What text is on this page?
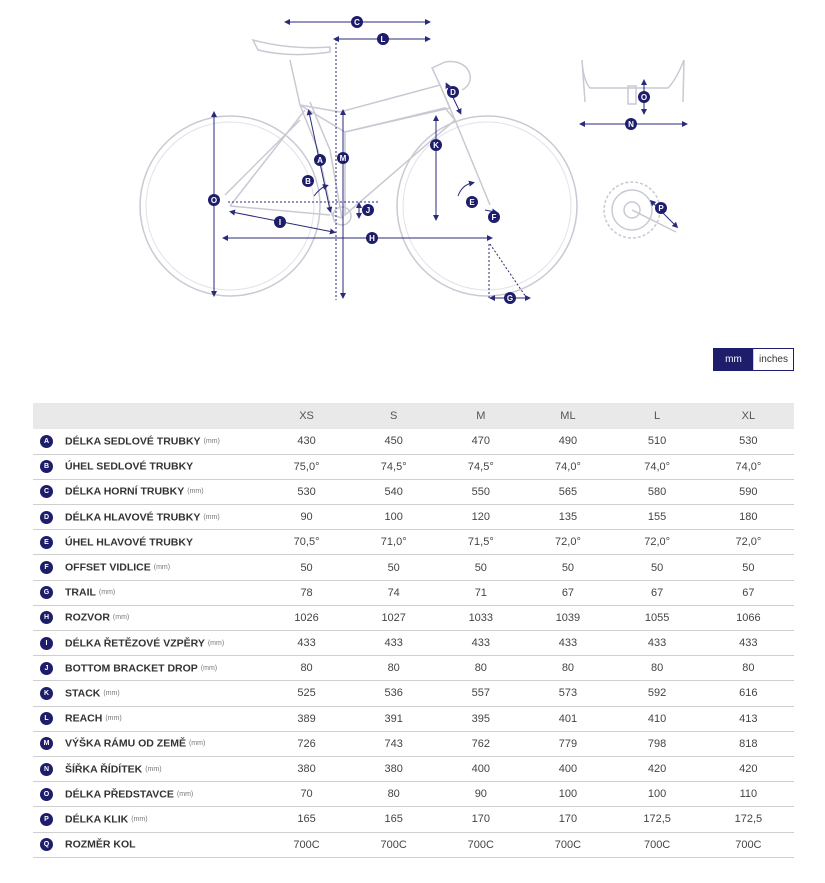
A
B
C
D
E
F
G
H
I
J
K
L
M
N
O
O
P
mm	inches
	XS	S	M	ML	L	XL
A DÉLKA SEDLOVÉ TRUBKY (mm)	430	450	470	490	510	530
B ÚHEL SEDLOVÉ TRUBKY	75,0°	74,5°	74,5°	74,0°	74,0°	74,0°
C DÉLKA HORNÍ TRUBKY (mm)	530	540	550	565	580	590
D DÉLKA HLAVOVÉ TRUBKY (mm)	90	100	120	135	155	180
E ÚHEL HLAVOVÉ TRUBKY	70,5°	71,0°	71,5°	72,0°	72,0°	72,0°
F OFFSET VIDLICE (mm)	50	50	50	50	50	50
G TRAIL (mm)	78	74	71	67	67	67
H ROZVOR (mm)	1026	1027	1033	1039	1055	1066
I DÉLKA ŘETĚZOVÉ VZPĚRY (mm)	433	433	433	433	433	433
J BOTTOM BRACKET DROP (mm)	80	80	80	80	80	80
K STACK (mm)	525	536	557	573	592	616
L REACH (mm)	389	391	395	401	410	413
M VÝŠKA RÁMU OD ZEMĚ (mm)	726	743	762	779	798	818
N ŠÍŘKA ŘÍDÍTEK (mm)	380	380	400	400	420	420
O DÉLKA PŘEDSTAVCE (mm)	70	80	90	100	100	110
P DÉLKA KLIK (mm)	165	165	170	170	172,5	172,5
Q ROZMĚR KOL	700C	700C	700C	700C	700C	700C
